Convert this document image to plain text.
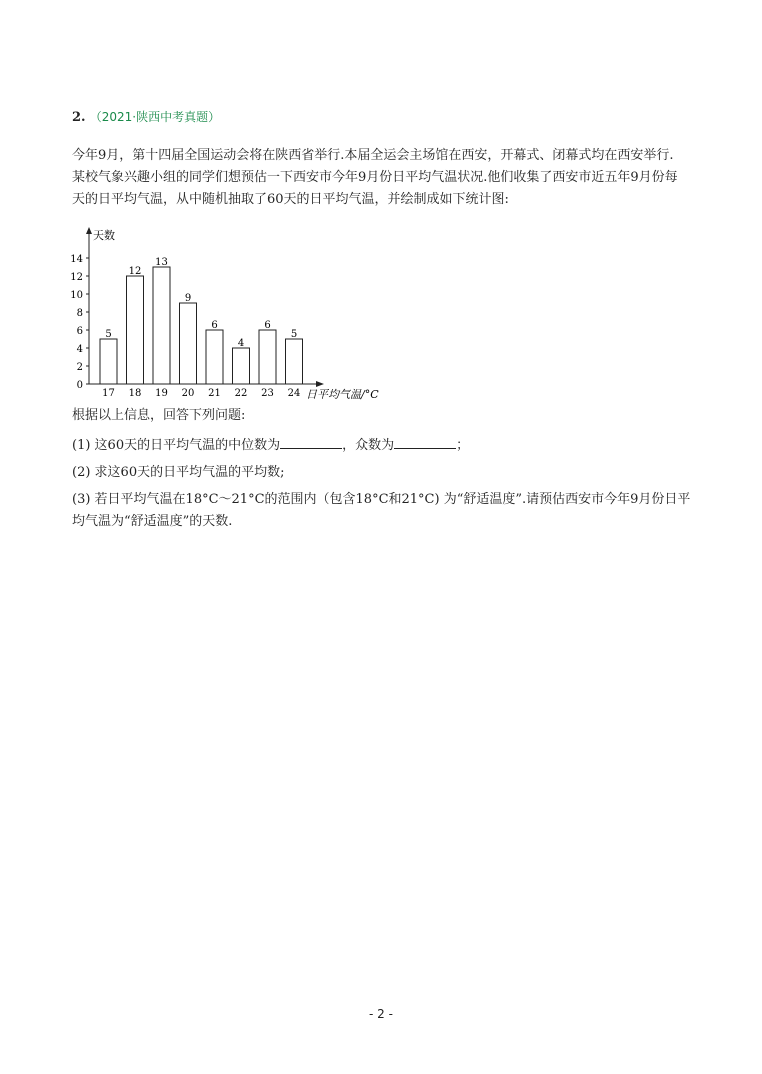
2. （2021·陕西中考真题）
今年9月，第十四届全国运动会将在陕西省举行.本届全运会主场馆在西安，开幕式、闭幕式均在西安举行.
某校气象兴趣小组的同学们想预估一下西安市今年9月份日平均气温状况.他们收集了西安市近五年9月份每
天的日平均气温，从中随机抽取了60天的日平均气温，并绘制成如下统计图:
天数
日平均气温/°C
0
2
4
6
8
10
12
14
5
17
12
18
13
19
9
20
6
21
4
22
6
23
5
24
根据以上信息，回答下列问题:
(1) 这60天的日平均气温的中位数为	，众数为	；
(2) 求这60天的日平均气温的平均数;
(3) 若日平均气温在18°C～21°C的范围内（包含18°C和21°C) 为“舒适温度”.请预估西安市今年9月份日平
均气温为“舒适温度”的天数.
- 2 -
